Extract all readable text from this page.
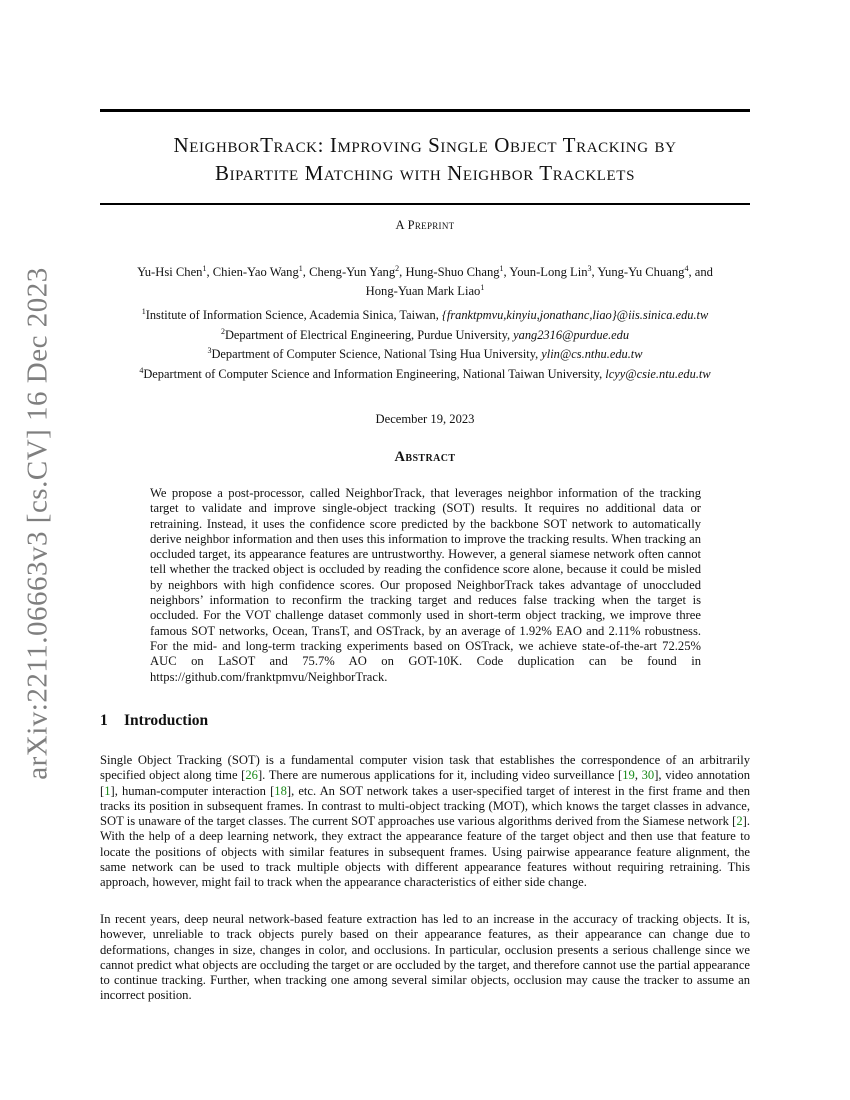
arXiv:2211.06663v3 [cs.CV] 16 Dec 2023
NeighborTrack: Improving Single Object Tracking by
Bipartite Matching with Neighbor Tracklets
A Preprint
Yu-Hsi Chen$^1$, Chien-Yao Wang$^1$, Cheng-Yun Yang$^2$, Hung-Shuo Chang$^1$, Youn-Long Lin$^3$, Yung-Yu Chuang$^4$, and
Hong-Yuan Mark Liao$^1$
$^1$Institute of Information Science, Academia Sinica, Taiwan, {franktpmvu,kinyiu,jonathanc,liao}@iis.sinica.edu.tw
$^2$Department of Electrical Engineering, Purdue University, yang2316@purdue.edu
$^3$Department of Computer Science, National Tsing Hua University, ylin@cs.nthu.edu.tw
$^4$Department of Computer Science and Information Engineering, National Taiwan University, lcyy@csie.ntu.edu.tw
December 19, 2023
Abstract

We propose a post-processor, called NeighborTrack, that leverages neighbor information of the tracking target to validate and improve single-object tracking (SOT) results. It requires no additional data or retraining. Instead, it uses the confidence score predicted by the backbone SOT network to automatically derive neighbor information and then uses this information to improve the tracking results. When tracking an occluded target, its appearance features are untrustworthy. However, a general siamese network often cannot tell whether the tracked object is occluded by reading the confidence score alone, because it could be misled by neighbors with high confidence scores. Our proposed NeighborTrack takes advantage of unoccluded neighbors’ information to reconfirm the tracking target and reduces false tracking when the target is occluded. For the VOT challenge dataset commonly used in short-term object tracking, we improve three famous SOT networks, Ocean, TransT, and OSTrack, by an average of 1.92% EAO and 2.11% robustness. For the mid- and long-term tracking experiments based on OSTrack, we achieve state-of-the-art 72.25% AUC on LaSOT and 75.7% AO on GOT-10K. Code duplication can be found in https://github.com/franktpmvu/NeighborTrack.

1 Introduction

Single Object Tracking (SOT) is a fundamental computer vision task that establishes the correspondence of an arbitrarily specified object along time [26]. There are numerous applications for it, including video surveillance [19, 30], video annotation [1], human-computer interaction [18], etc. An SOT network takes a user-specified target of interest in the first frame and then tracks its position in subsequent frames. In contrast to multi-object tracking (MOT), which knows the target classes in advance, SOT is unaware of the target classes. The current SOT approaches use various algorithms derived from the Siamese network [2]. With the help of a deep learning network, they extract the appearance feature of the target object and then use that feature to locate the positions of objects with similar features in subsequent frames. Using pairwise appearance feature alignment, the same network can be used to track multiple objects with different appearance features without requiring retraining. This approach, however, might fail to track when the appearance characteristics of either side change.

In recent years, deep neural network-based feature extraction has led to an increase in the accuracy of tracking objects. It is, however, unreliable to track objects purely based on their appearance features, as their appearance can change due to deformations, changes in size, changes in color, and occlusions. In particular, occlusion presents a serious challenge since we cannot predict what objects are occluding the target or are occluded by the target, and therefore cannot use the partial appearance to continue tracking. Further, when tracking one among several similar objects, occlusion may cause the tracker to assume an incorrect position.
